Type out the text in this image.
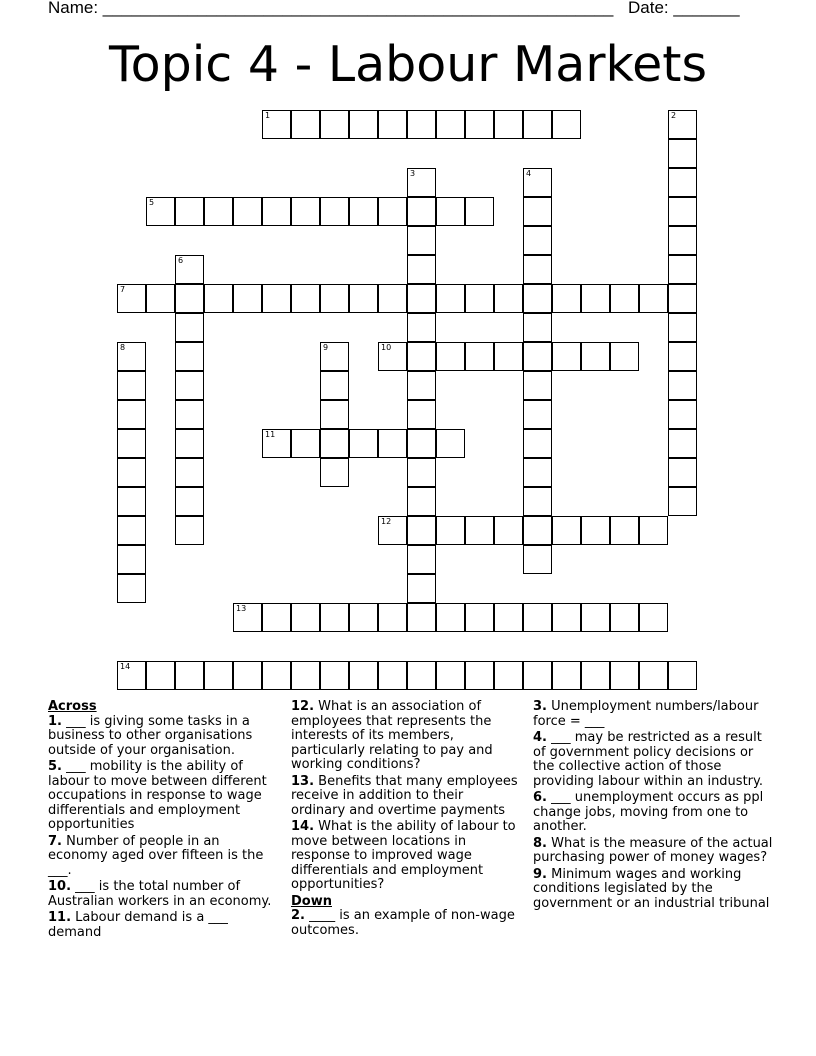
Name: ______________________________________________________ Date: _______
Topic 4 - Labour Markets
1	2
3	4
5
6
7
8	9	10
11
12
13
14

Across

1. ___ is giving some tasks in a business to other organisations outside of your organisation.

5. ___ mobility is the ability of labour to move between different occupations in response to wage differentials and employment opportunities

7. Number of people in an economy aged over fifteen is the ___.

10. ___ is the total number of Australian workers in an economy.

11. Labour demand is a ___ demand

12. What is an association of employees that represents the interests of its members, particularly relating to pay and working conditions?

13. Benefits that many employees receive in addition to their ordinary and overtime payments

14. What is the ability of labour to move between locations in response to improved wage differentials and employment opportunities?

Down

2. ____ is an example of non-wage outcomes.

3. Unemployment numbers/labour force = ___

4. ___ may be restricted as a result of government policy decisions or the collective action of those providing labour within an industry.

6. ___ unemployment occurs as ppl change jobs, moving from one to another.

8. What is the measure of the actual purchasing power of money wages?

9. Minimum wages and working conditions legislated by the government or an industrial tribunal
